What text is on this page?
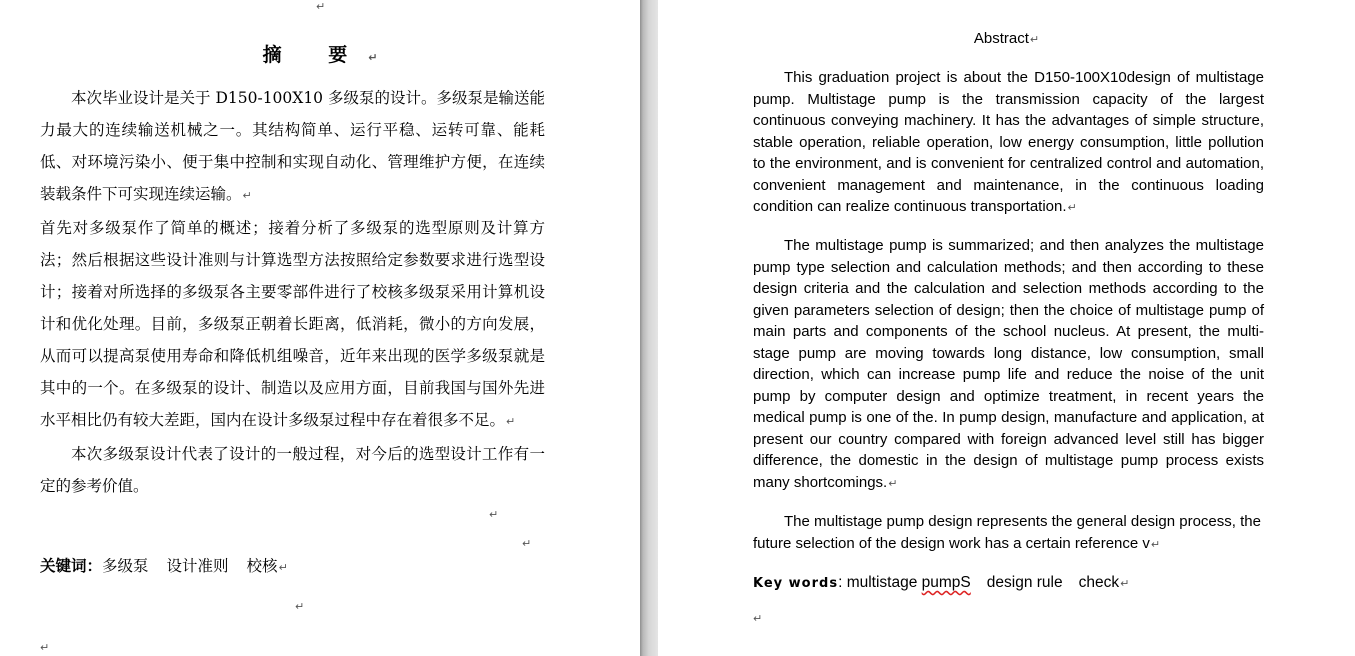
↵
摘 要↵

本次毕业设计是关于 D150-100X10 多级泵的设计。多级泵是输送能力最大的连续输送机械之一。其结构简单、运行平稳、运转可靠、能耗低、对环境污染小、便于集中控制和实现自动化、管理维护方便，在连续装载条件下可实现连续运输。↵

首先对多级泵作了简单的概述；接着分析了多级泵的选型原则及计算方法；然后根据这些设计准则与计算选型方法按照给定参数要求进行选型设计；接着对所选择的多级泵各主要零部件进行了校核多级泵采用计算机设计和优化处理。目前，多级泵正朝着长距离，低消耗，微小的方向发展，从而可以提高泵使用寿命和降低机组噪音，近年来出现的医学多级泵就是其中的一个。在多级泵的设计、制造以及应用方面，目前我国与国外先进水平相比仍有较大差距，国内在设计多级泵过程中存在着很多不足。↵

本次多级泵设计代表了设计的一般过程，对今后的选型设计工作有一定的参考价值。

↵
↵
关键词：多级泵 设计准则 校核↵
↵
↵
Abstract↵

This graduation project is about the D150-100X10design of multistage pump. Multistage pump is the transmission capacity of the largest continuous conveying machinery. It has the advantages of simple structure, stable operation, reliable operation, low energy consumption, little pollution to the environment, and is convenient for centralized control and automation, convenient management and maintenance, in the continuous loading condition can realize continuous transportation.↵

The multistage pump is summarized; and then analyzes the multistage pump type selection and calculation methods; and then according to these design criteria and the calculation and selection methods according to the given parameters selection of design; then the choice of multistage pump of main parts and components of the school nucleus. At present, the multi-stage pump are moving towards long distance, low consumption, small direction, which can increase pump life and reduce the noise of the unit pump by computer design and optimize treatment, in recent years the medical pump is one of the. In pump design, manufacture and application, at present our country compared with foreign advanced level still has bigger difference, the domestic in the design of multistage pump process exists many shortcomings.↵

The multistage pump design represents the general design process, the future selection of the design work has a certain reference v↵

Key words: multistage pumpS design rule check↵
↵
